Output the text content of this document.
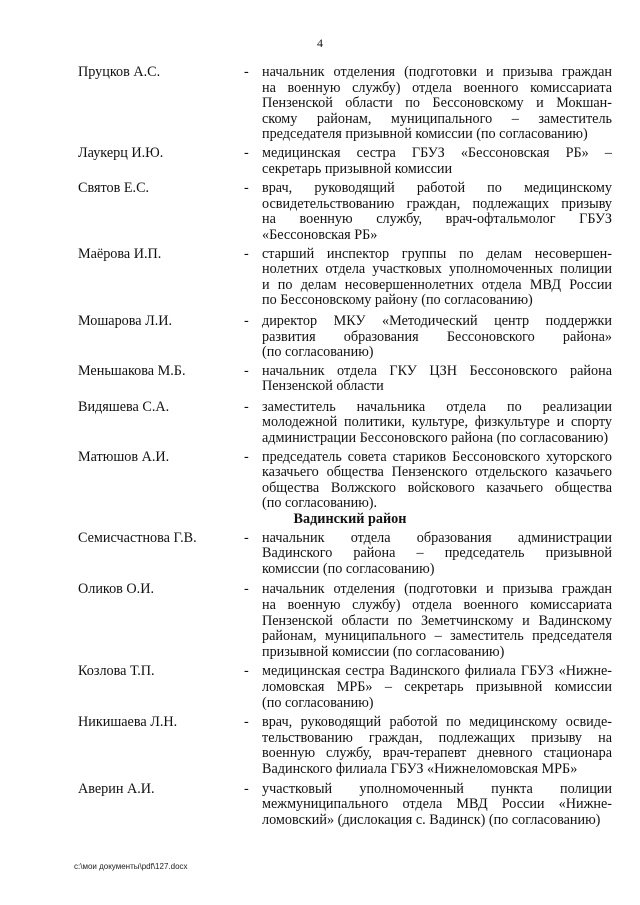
4
Пруцков А.С.	- начальник отделения (подготовки и призыва граждан
на военную службу) отдела военного комиссариата
Пензенской области по Бессоновскому и Мокшан-
скому районам, муниципального – заместитель
председателя призывной комиссии (по согласованию)
Лаукерц И.Ю.	- медицинская сестра ГБУЗ «Бессоновская РБ» –
секретарь призывной комиссии
Святов Е.С.	- врач, руководящий работой по медицинскому
освидетельствованию граждан, подлежащих призыву
на военную службу, врач-офтальмолог ГБУЗ
«Бессоновская РБ»
Маёрова И.П.	- старший инспектор группы по делам несовершен-
нолетних отдела участковых уполномоченных полиции
и по делам несовершеннолетних отдела МВД России
по Бессоновскому району (по согласованию)
Мошарова Л.И.	- директор МКУ «Методический центр поддержки
развития образования Бессоновского района»
(по согласованию)
Меньшакова М.Б.	- начальник отдела ГКУ ЦЗН Бессоновского района
Пензенской области
Видяшева С.А.	- заместитель начальника отдела по реализации
молодежной политики, культуре, физкультуре и спорту
администрации Бессоновского района (по согласованию)
Матюшов А.И.	- председатель совета стариков Бессоновского хуторского
казачьего общества Пензенского отдельского казачьего
общества Волжского войскового казачьего общества
(по согласованию).
Вадинский район
Семисчастнова Г.В.	- начальник отдела образования администрации
Вадинского района – председатель призывной
комиссии (по согласованию)
Оликов О.И.	- начальник отделения (подготовки и призыва граждан
на военную службу) отдела военного комиссариата
Пензенской области по Земетчинскому и Вадинскому
районам, муниципального – заместитель председателя
призывной комиссии (по согласованию)
Козлова Т.П.	- медицинская сестра Вадинского филиала ГБУЗ «Нижне-
ломовская МРБ» – секретарь призывной комиссии
(по согласованию)
Никишаева Л.Н.	- врач, руководящий работой по медицинскому освиде-
тельствованию граждан, подлежащих призыву на
военную службу, врач-терапевт дневного стационара
Вадинского филиала ГБУЗ «Нижнеломовская МРБ»
Аверин А.И.	- участковый уполномоченный пункта полиции
межмуниципального отдела МВД России «Нижне-
ломовский» (дислокация с. Вадинск) (по согласованию)
c:\мои документы\pdf\127.docx
